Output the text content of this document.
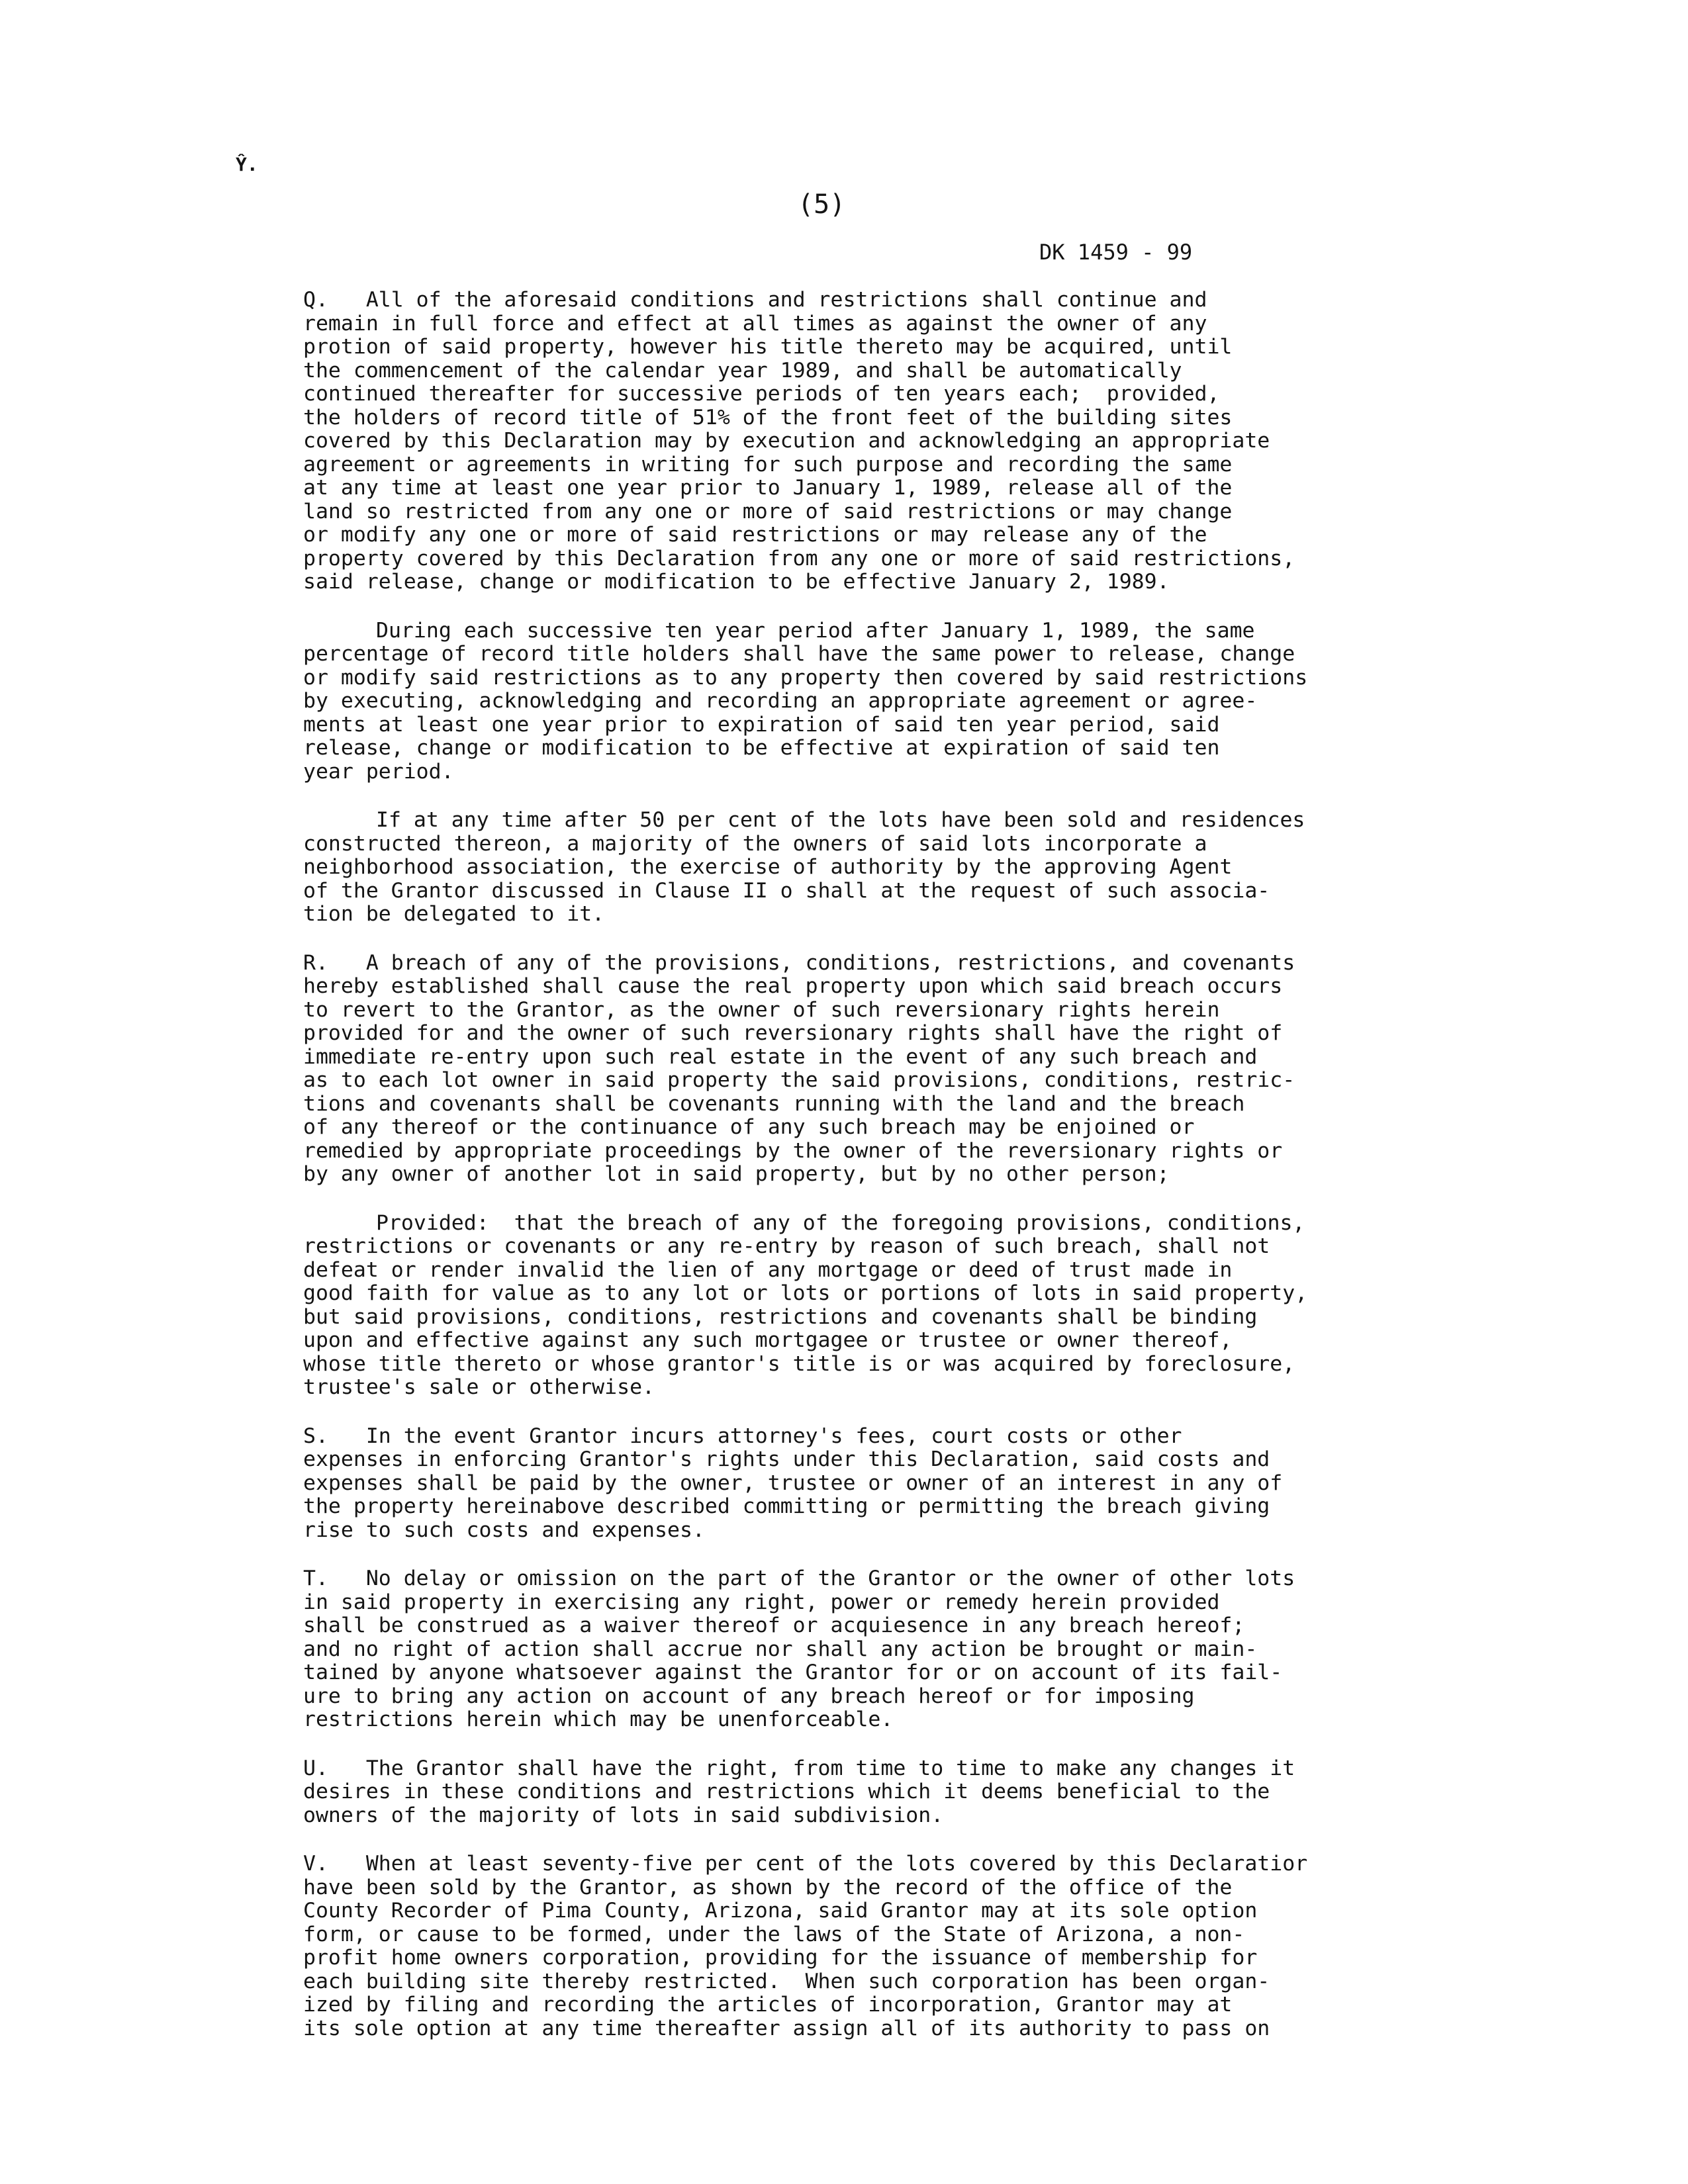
Ŷ.
(5)
DK 1459 - 99
Q.   All of the aforesaid conditions and restrictions shall continue and
remain in full force and effect at all times as against the owner of any
protion of said property, however his title thereto may be acquired, until
the commencement of the calendar year 1989, and shall be automatically
continued thereafter for successive periods of ten years each;  provided,
the holders of record title of 51% of the front feet of the building sites
covered by this Declaration may by execution and acknowledging an appropriate
agreement or agreements in writing for such purpose and recording the same
at any time at least one year prior to January 1, 1989, release all of the
land so restricted from any one or more of said restrictions or may change
or modify any one or more of said restrictions or may release any of the
property covered by this Declaration from any one or more of said restrictions,
said release, change or modification to be effective January 2, 1989.
During each successive ten year period after January 1, 1989, the same
percentage of record title holders shall have the same power to release, change
or modify said restrictions as to any property then covered by said restrictions
by executing, acknowledging and recording an appropriate agreement or agree-
ments at least one year prior to expiration of said ten year period, said
release, change or modification to be effective at expiration of said ten
year period.
If at any time after 50 per cent of the lots have been sold and residences
constructed thereon, a majority of the owners of said lots incorporate a
neighborhood association, the exercise of authority by the approving Agent
of the Grantor discussed in Clause II o shall at the request of such associa-
tion be delegated to it.
R.   A breach of any of the provisions, conditions, restrictions, and covenants
hereby established shall cause the real property upon which said breach occurs
to revert to the Grantor, as the owner of such reversionary rights herein
provided for and the owner of such reversionary rights shall have the right of
immediate re-entry upon such real estate in the event of any such breach and
as to each lot owner in said property the said provisions, conditions, restric-
tions and covenants shall be covenants running with the land and the breach
of any thereof or the continuance of any such breach may be enjoined or
remedied by appropriate proceedings by the owner of the reversionary rights or
by any owner of another lot in said property, but by no other person;
Provided:  that the breach of any of the foregoing provisions, conditions,
restrictions or covenants or any re-entry by reason of such breach, shall not
defeat or render invalid the lien of any mortgage or deed of trust made in
good faith for value as to any lot or lots or portions of lots in said property,
but said provisions, conditions, restrictions and covenants shall be binding
upon and effective against any such mortgagee or trustee or owner thereof,
whose title thereto or whose grantor's title is or was acquired by foreclosure,
trustee's sale or otherwise.
S.   In the event Grantor incurs attorney's fees, court costs or other
expenses in enforcing Grantor's rights under this Declaration, said costs and
expenses shall be paid by the owner, trustee or owner of an interest in any of
the property hereinabove described committing or permitting the breach giving
rise to such costs and expenses.
T.   No delay or omission on the part of the Grantor or the owner of other lots
in said property in exercising any right, power or remedy herein provided
shall be construed as a waiver thereof or acquiesence in any breach hereof;
and no right of action shall accrue nor shall any action be brought or main-
tained by anyone whatsoever against the Grantor for or on account of its fail-
ure to bring any action on account of any breach hereof or for imposing
restrictions herein which may be unenforceable.
U.   The Grantor shall have the right, from time to time to make any changes it
desires in these conditions and restrictions which it deems beneficial to the
owners of the majority of lots in said subdivision.
V.   When at least seventy-five per cent of the lots covered by this Declaratior
have been sold by the Grantor, as shown by the record of the office of the
County Recorder of Pima County, Arizona, said Grantor may at its sole option
form, or cause to be formed, under the laws of the State of Arizona, a non-
profit home owners corporation, providing for the issuance of membership for
each building site thereby restricted.  When such corporation has been organ-
ized by filing and recording the articles of incorporation, Grantor may at
its sole option at any time thereafter assign all of its authority to pass on
